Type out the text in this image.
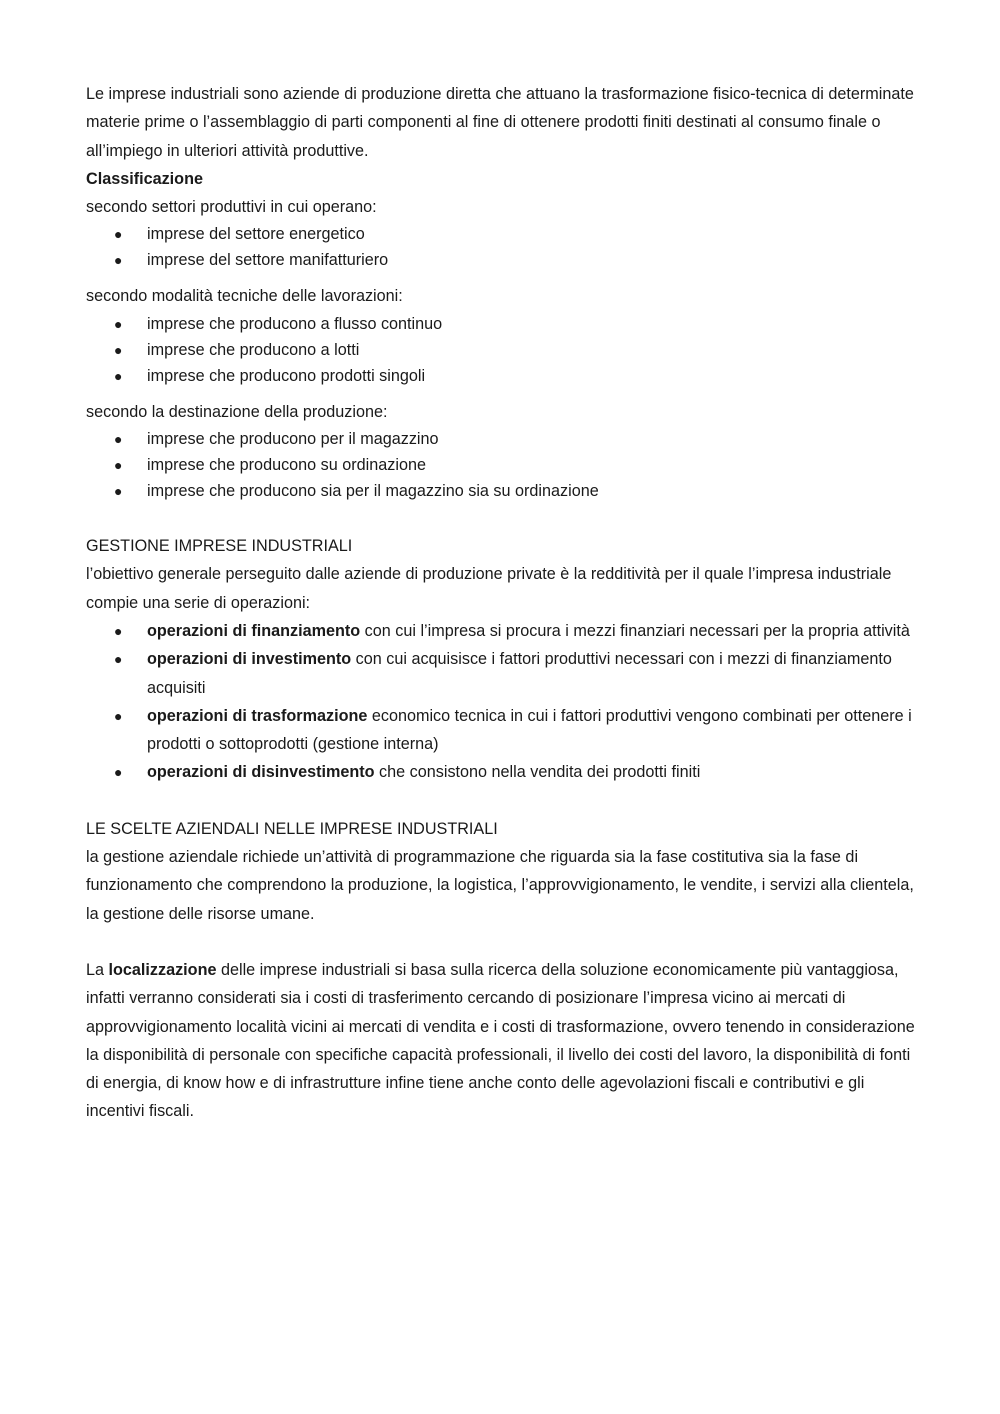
Le imprese industriali sono aziende di produzione diretta che attuano la trasformazione fisico-tecnica di determinate materie prime o l’assemblaggio di parti componenti al fine di ottenere prodotti finiti destinati al consumo finale o all’impiego in ulteriori attività produttive.

Classificazione

secondo settori produttivi in cui operano:

● imprese del settore energetico
● imprese del settore manifatturiero

secondo modalità tecniche delle lavorazioni:

● imprese che producono a flusso continuo
● imprese che producono a lotti
● imprese che producono prodotti singoli

secondo la destinazione della produzione:

● imprese che producono per il magazzino
● imprese che producono su ordinazione
● imprese che producono sia per il magazzino sia su ordinazione

GESTIONE IMPRESE INDUSTRIALI

l’obiettivo generale perseguito dalle aziende di produzione private è la redditività per il quale l’impresa industriale compie una serie di operazioni:

● operazioni di finanziamento con cui l’impresa si procura i mezzi finanziari necessari per la propria attività
● operazioni di investimento con cui acquisisce i fattori produttivi necessari con i mezzi di finanziamento acquisiti
● operazioni di trasformazione economico tecnica in cui i fattori produttivi vengono combinati per ottenere i prodotti o sottoprodotti (gestione interna)
● operazioni di disinvestimento che consistono nella vendita dei prodotti finiti

LE SCELTE AZIENDALI NELLE IMPRESE INDUSTRIALI

la gestione aziendale richiede un’attività di programmazione che riguarda sia la fase costitutiva sia la fase di funzionamento che comprendono la produzione, la logistica, l’approvvigionamento, le vendite, i servizi alla clientela, la gestione delle risorse umane.

La localizzazione delle imprese industriali si basa sulla ricerca della soluzione economicamente più vantaggiosa, infatti verranno considerati sia i costi di trasferimento cercando di posizionare l’impresa vicino ai mercati di approvvigionamento località vicini ai mercati di vendita e i costi di trasformazione, ovvero tenendo in considerazione la disponibilità di personale con specifiche capacità professionali, il livello dei costi del lavoro, la disponibilità di fonti di energia, di know how e di infrastrutture infine tiene anche conto delle agevolazioni fiscali e contributivi e gli incentivi fiscali.
